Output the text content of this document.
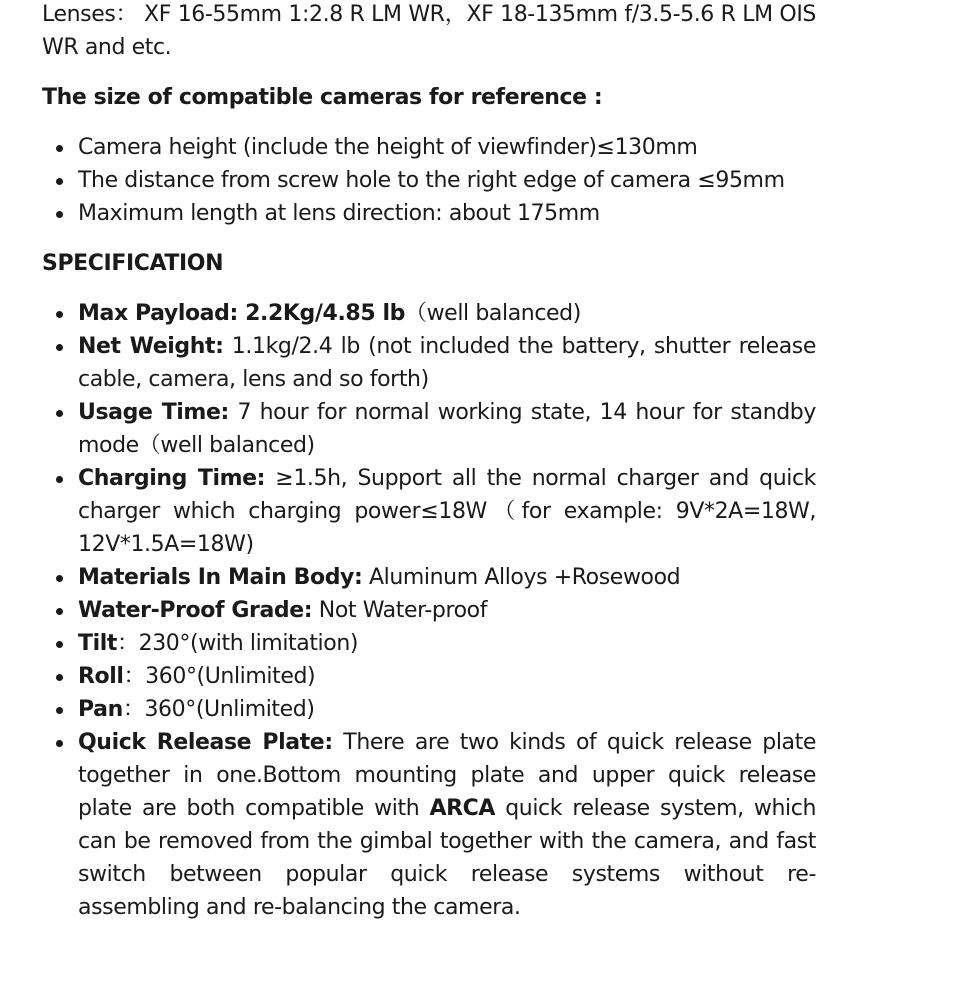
Lenses： XF 16-55mm 1:2.8 R LM WR，XF 18-135mm f/3.5-5.6 R LM OIS WR and etc.

The size of compatible cameras for reference :

Camera height (include the height of viewfinder)≤130mm
The distance from screw hole to the right edge of camera ≤95mm
Maximum length at lens direction: about 175mm

SPECIFICATION

Max Payload: 2.2Kg/4.85 lb（well balanced)
Net Weight: 1.1kg/2.4 lb (not included the battery, shutter release cable, camera, lens and so forth)
Usage Time: 7 hour for normal working state, 14 hour for standby mode（well balanced)
Charging Time: ≥1.5h, Support all the normal charger and quick charger which charging power≤18W（for example: 9V*2A=18W, 12V*1.5A=18W)
Materials In Main Body: Aluminum Alloys +Rosewood
Water-Proof Grade: Not Water-proof
Tilt：230°(with limitation)
Roll：360°(Unlimited)
Pan：360°(Unlimited)
Quick Release Plate: There are two kinds of quick release plate together in one.Bottom mounting plate and upper quick release plate are both compatible with ARCA quick release system, which can be removed from the gimbal together with the camera, and fast switch between popular quick release systems without re-assembling and re-balancing the camera.
